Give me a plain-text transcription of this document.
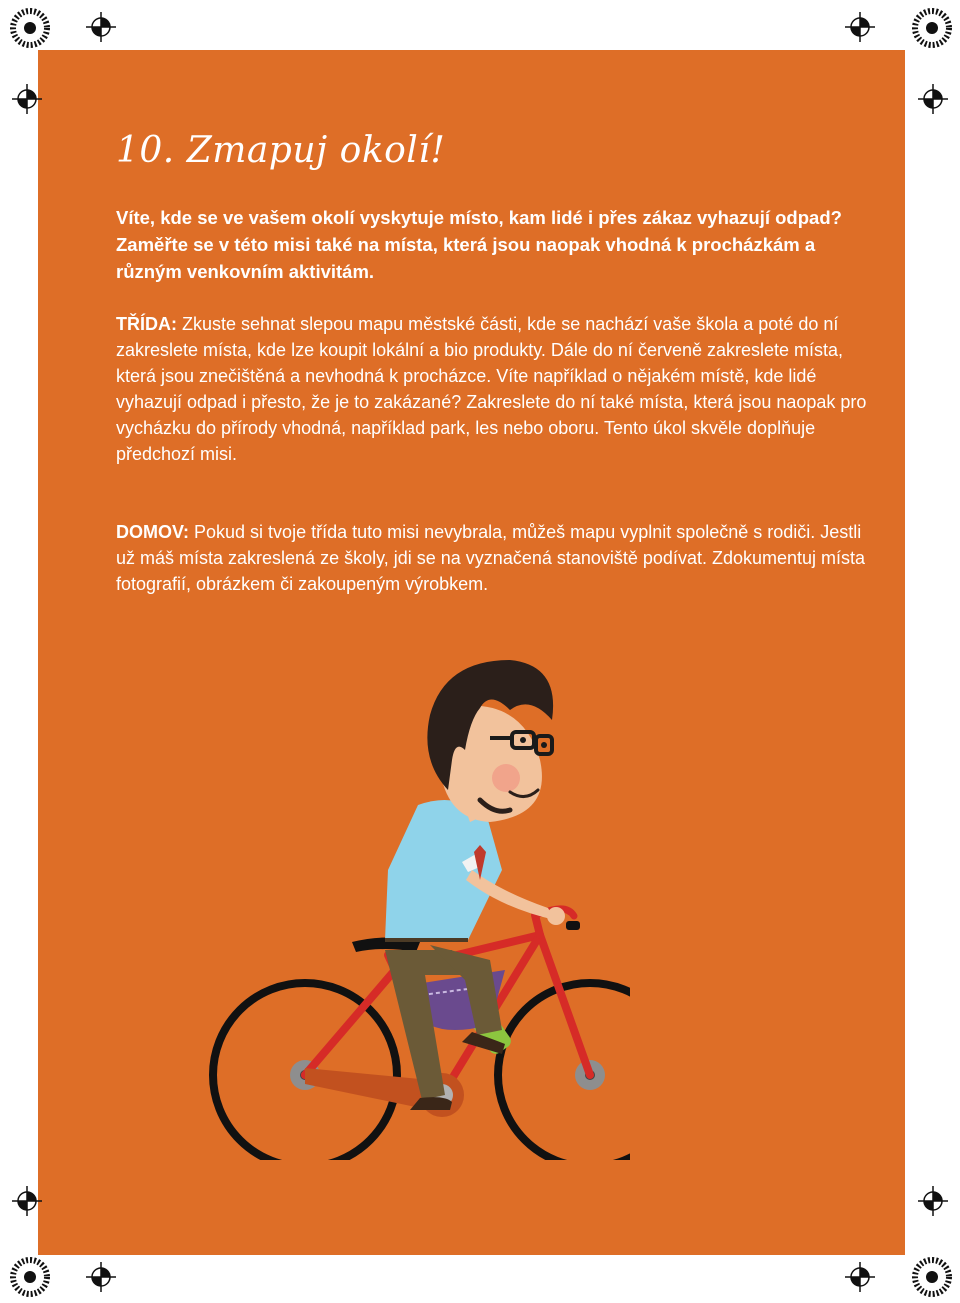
10. Zmapuj okolí!

Víte, kde se ve vašem okolí vyskytuje místo, kam lidé i přes zákaz vyhazují odpad? Zaměřte se v této misi také na místa, která jsou naopak vhodná k procházkám a různým venkovním aktivitám.

TŘÍDA: Zkuste sehnat slepou mapu městské části, kde se nachází vaše škola a poté do ní zakreslete místa, kde lze koupit lokální a bio produkty. Dále do ní červeně zakreslete místa, která jsou znečištěná a nevhodná k procházce. Víte například o nějakém místě, kde lidé vyhazují odpad i přesto, že je to zakázané? Zakreslete do ní také místa, která jsou naopak pro vycházku do přírody vhodná, například park, les nebo oboru. Tento úkol skvěle doplňuje předchozí misi.

DOMOV: Pokud si tvoje třída tuto misi nevybrala, můžeš mapu vyplnit společně s rodiči. Jestli už máš místa zakreslená ze školy, jdi se na vyznačená stanoviště podívat. Zdokumentuj místa fotografií, obrázkem či zakoupeným výrobkem.
